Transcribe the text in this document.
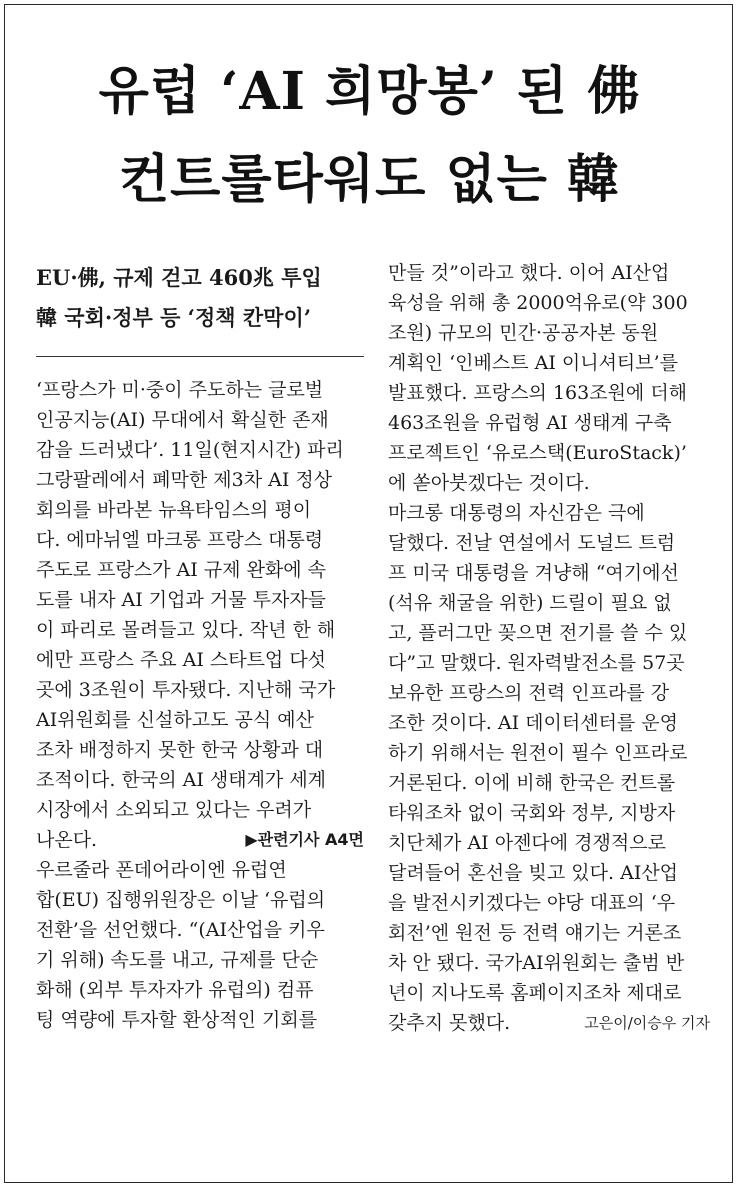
유럽 ‘AI 희망봉’ 된 佛
컨트롤타워도 없는 韓
EU·佛, 규제 걷고 460兆 투입
韓 국회·정부 등 ‘정책 칸막이’
‘프랑스가 미·중이 주도하는 글로벌
인공지능(AI) 무대에서 확실한 존재
감을 드러냈다’. 11일(현지시간) 파리
그랑팔레에서 폐막한 제3차 AI 정상
회의를 바라본 뉴욕타임스의 평이
다. 에마뉘엘 마크롱 프랑스 대통령
주도로 프랑스가 AI 규제 완화에 속
도를 내자 AI 기업과 거물 투자자들
이 파리로 몰려들고 있다. 작년 한 해
에만 프랑스 주요 AI 스타트업 다섯
곳에 3조원이 투자됐다. 지난해 국가
AI위원회를 신설하고도 공식 예산
조차 배정하지 못한 한국 상황과 대
조적이다. 한국의 AI 생태계가 세계
시장에서 소외되고 있다는 우려가
나온다.	▶관련기사 A4면
우르줄라 폰데어라이엔 유럽연
합(EU) 집행위원장은 이날 ‘유럽의
전환’을 선언했다. “(AI산업을 키우
기 위해) 속도를 내고, 규제를 단순
화해 (외부 투자자가 유럽의) 컴퓨
팅 역량에 투자할 환상적인 기회를
만들 것”이라고 했다. 이어 AI산업
육성을 위해 총 2000억유로(약 300
조원) 규모의 민간·공공자본 동원
계획인 ‘인베스트 AI 이니셔티브’를
발표했다. 프랑스의 163조원에 더해
463조원을 유럽형 AI 생태계 구축
프로젝트인 ‘유로스택(EuroStack)’
에 쏟아붓겠다는 것이다.
마크롱 대통령의 자신감은 극에
달했다. 전날 연설에서 도널드 트럼
프 미국 대통령을 겨냥해 “여기에선
(석유 채굴을 위한) 드릴이 필요 없
고, 플러그만 꽂으면 전기를 쓸 수 있
다”고 말했다. 원자력발전소를 57곳
보유한 프랑스의 전력 인프라를 강
조한 것이다. AI 데이터센터를 운영
하기 위해서는 원전이 필수 인프라로
거론된다. 이에 비해 한국은 컨트롤
타워조차 없이 국회와 정부, 지방자
치단체가 AI 아젠다에 경쟁적으로
달려들어 혼선을 빚고 있다. AI산업
을 발전시키겠다는 야당 대표의 ‘우
회전’엔 원전 등 전력 얘기는 거론조
차 안 됐다. 국가AI위원회는 출범 반
년이 지나도록 홈페이지조차 제대로
갖추지 못했다.	고은이/이승우 기자
